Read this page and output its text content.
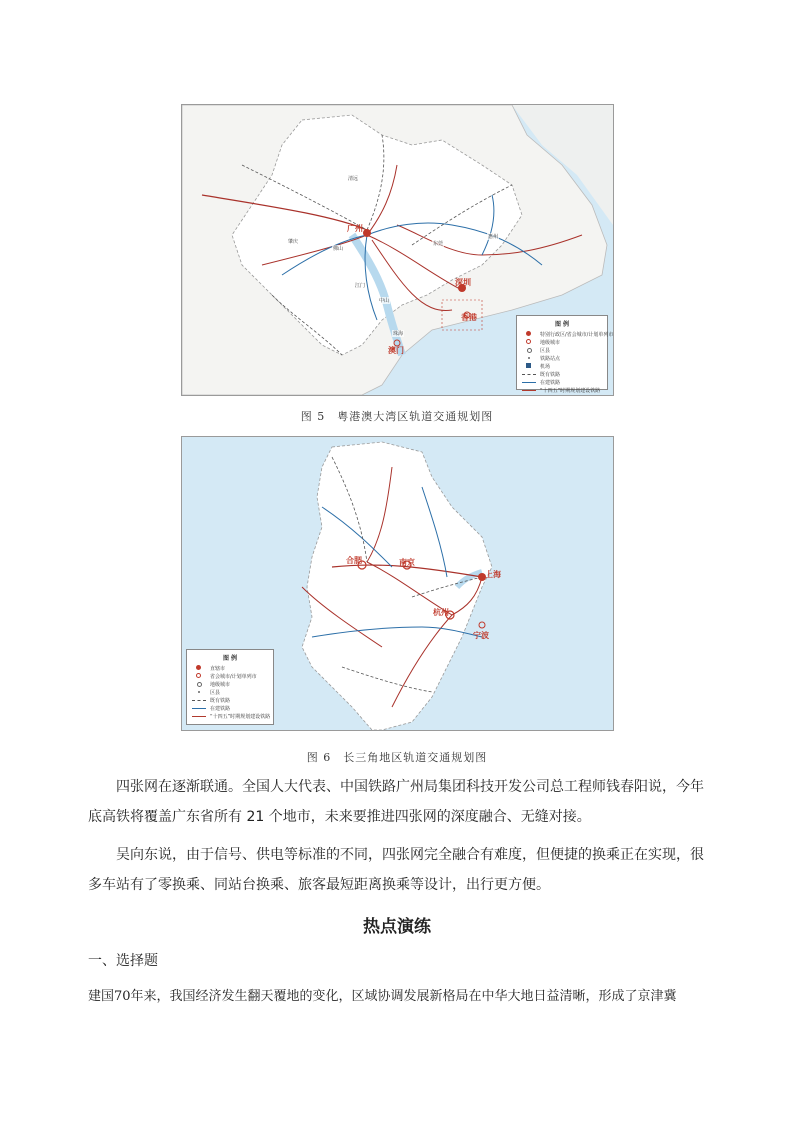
广州
深圳
香港
澳门
清远
肇庆
佛山
东莞
惠州
江门
中山
珠海
图 例
特别行政区/省会城市/计划单列市
地级城市
区县
铁路站点
机场
既有铁路
在建铁路
“十四五”时期规划建设铁路
图 5　粤港澳大湾区轨道交通规划图
上海
南京
杭州
合肥
宁波
图 例
直辖市
省会城市/计划单列市
地级城市
区县
既有铁路
在建铁路
“十四五”时期规划建设铁路
图 6　长三角地区轨道交通规划图

四张网在逐渐联通。全国人大代表、中国铁路广州局集团科技开发公司总工程师钱春阳说，今年底高铁将覆盖广东省所有 21 个地市，未来要推进四张网的深度融合、无缝对接。

吴向东说，由于信号、供电等标准的不同，四张网完全融合有难度，但便捷的换乘正在实现，很多车站有了零换乘、同站台换乘、旅客最短距离换乘等设计，出行更方便。

热点演练
一、选择题
建国70年来，我国经济发生翻天覆地的变化，区域协调发展新格局在中华大地日益清晰，形成了京津冀
